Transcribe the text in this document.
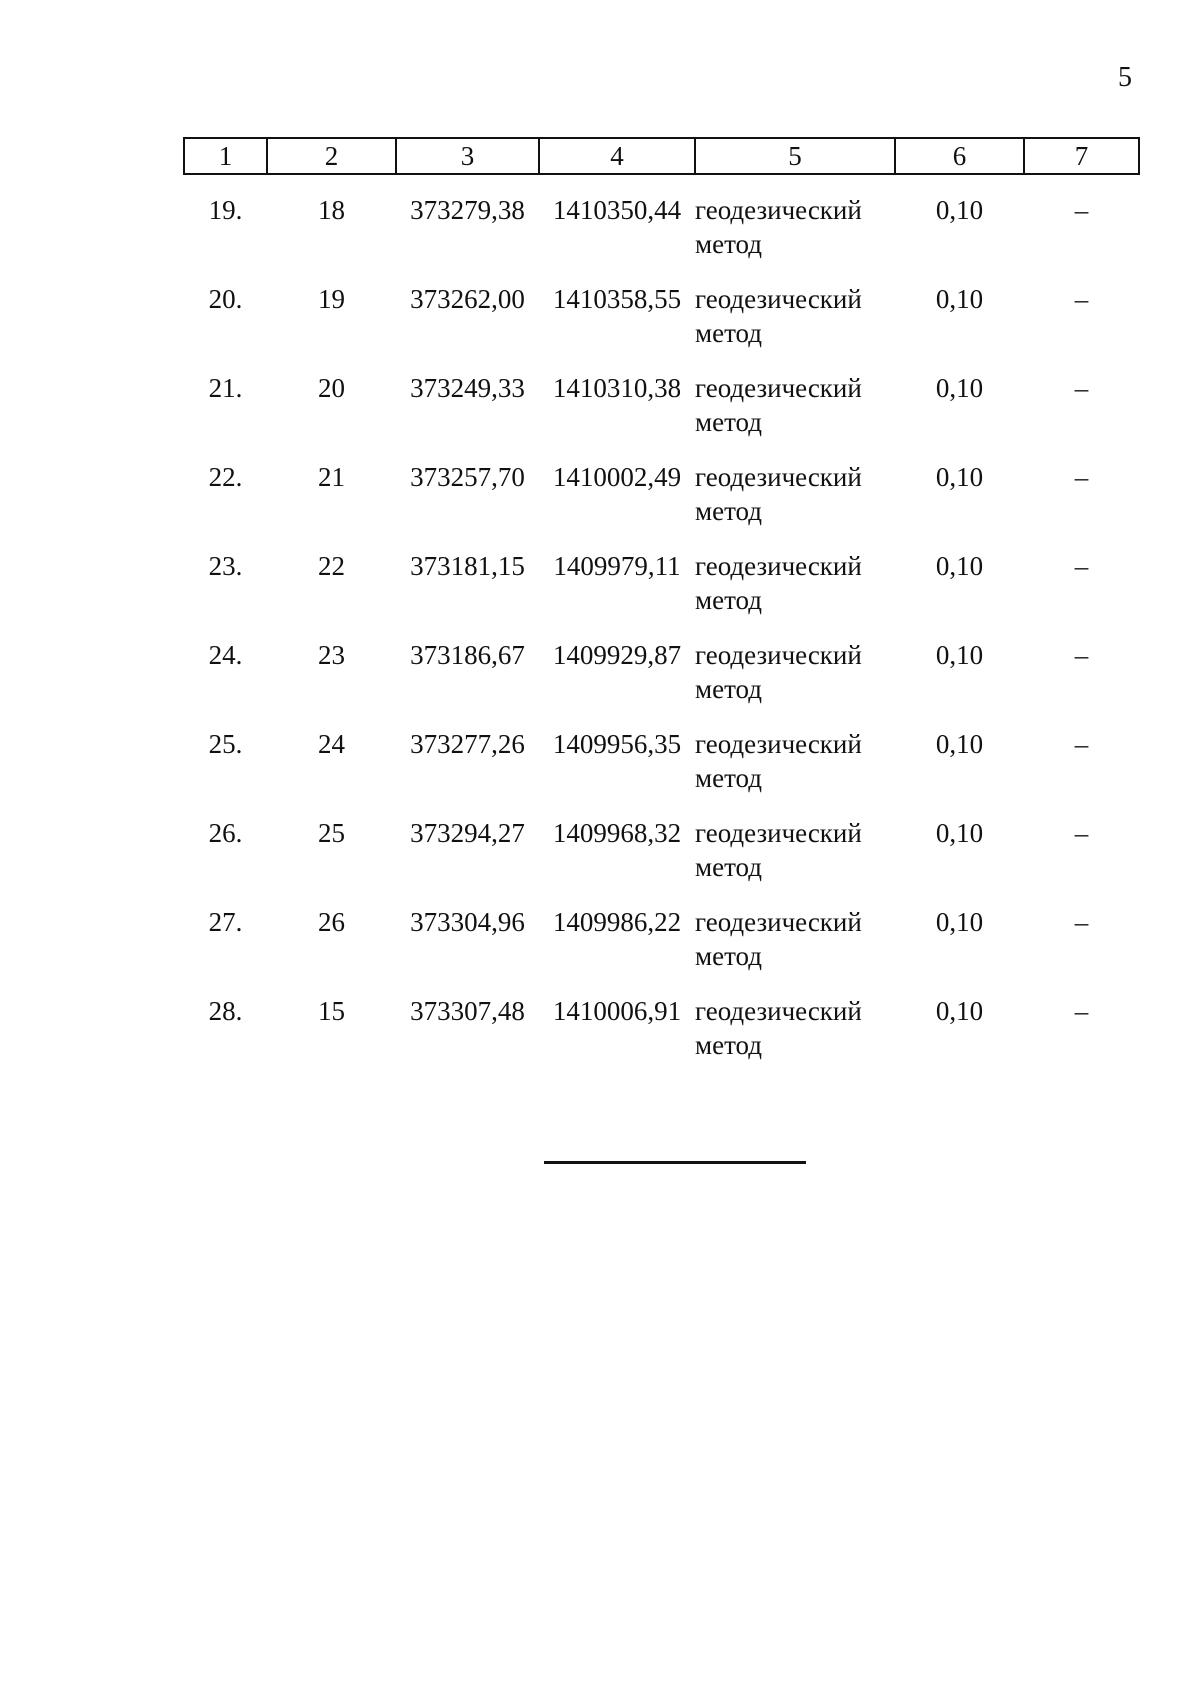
5
1	2	3	4	5	6	7
19.	18	373279,38	1410350,44	геодезический
метод	0,10	–
20.	19	373262,00	1410358,55	геодезический
метод	0,10	–
21.	20	373249,33	1410310,38	геодезический
метод	0,10	–
22.	21	373257,70	1410002,49	геодезический
метод	0,10	–
23.	22	373181,15	1409979,11	геодезический
метод	0,10	–
24.	23	373186,67	1409929,87	геодезический
метод	0,10	–
25.	24	373277,26	1409956,35	геодезический
метод	0,10	–
26.	25	373294,27	1409968,32	геодезический
метод	0,10	–
27.	26	373304,96	1409986,22	геодезический
метод	0,10	–
28.	15	373307,48	1410006,91	геодезический
метод	0,10	–
